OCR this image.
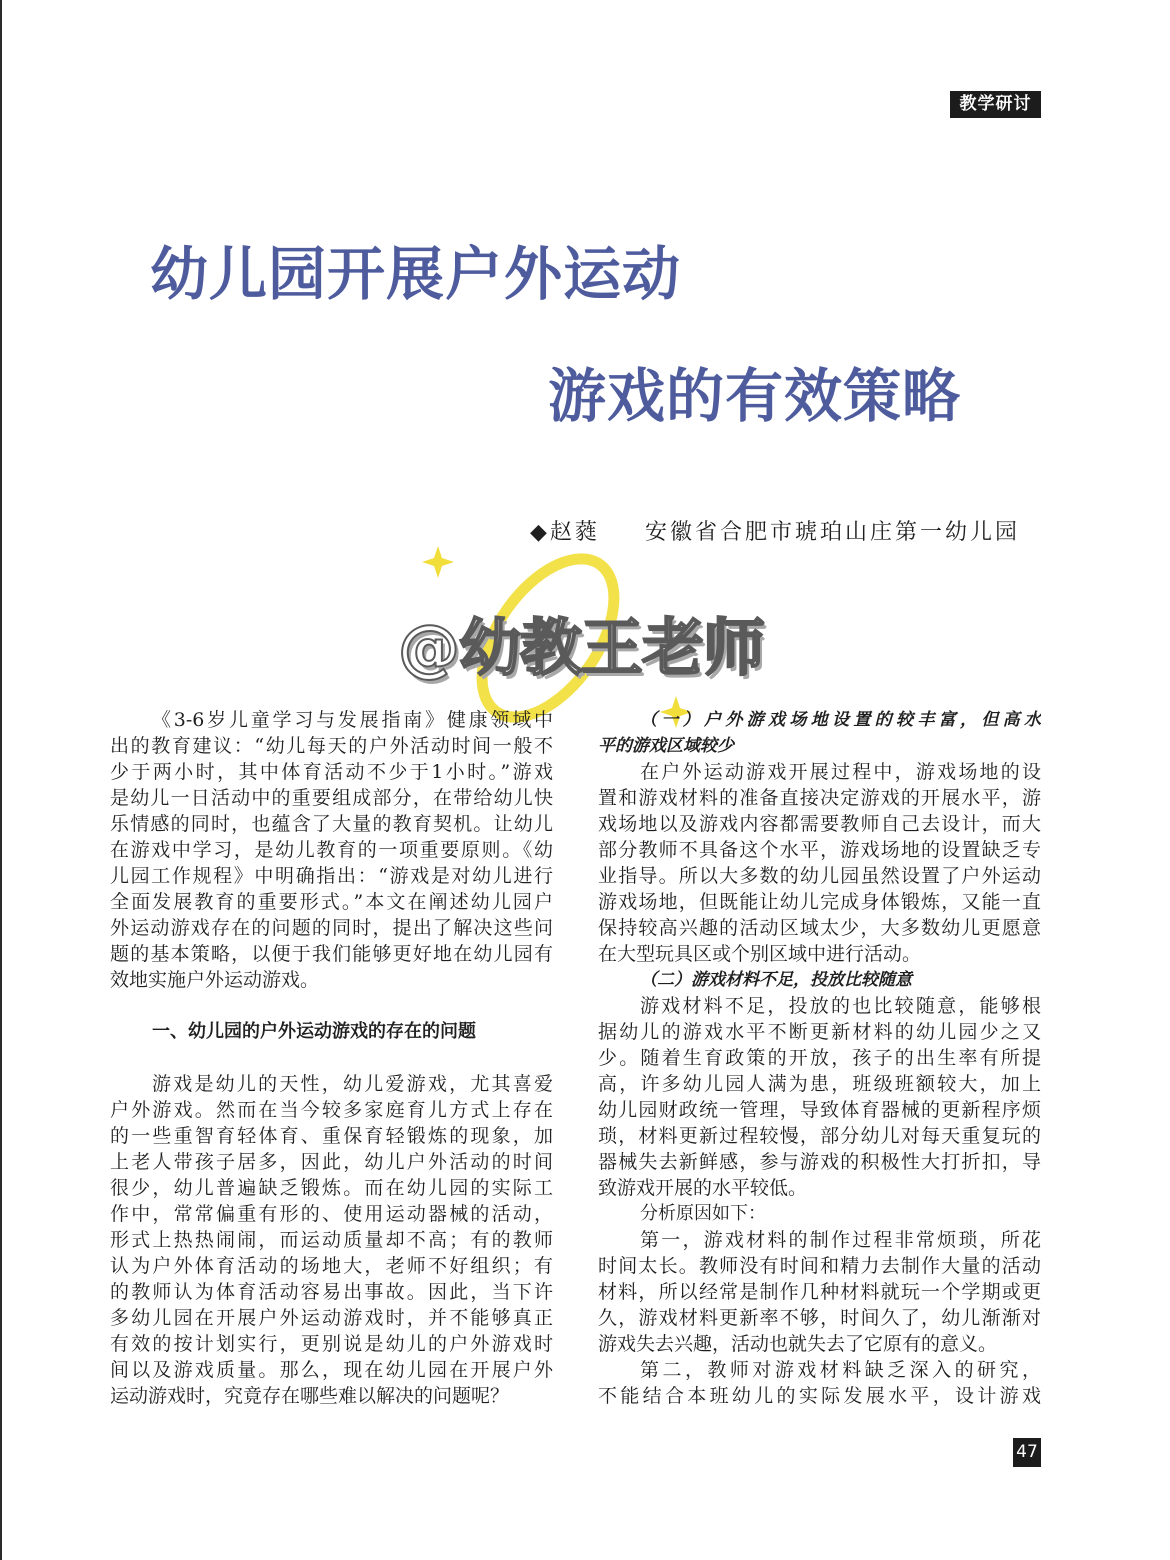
教学研讨
幼儿园开展户外运动
游戏的有效策略
◆赵蕤 安徽省合肥市琥珀山庄第一幼儿园
《3-6岁儿童学习与发展指南》健康领域中
出的教育建议：“幼儿每天的户外活动时间一般不
少于两小时，其中体育活动不少于1小时。”游戏
是幼儿一日活动中的重要组成部分，在带给幼儿快
乐情感的同时，也蕴含了大量的教育契机。让幼儿
在游戏中学习，是幼儿教育的一项重要原则。《幼
儿园工作规程》中明确指出：“游戏是对幼儿进行
全面发展教育的重要形式。”本文在阐述幼儿园户
外运动游戏存在的问题的同时，提出了解决这些问
题的基本策略，以便于我们能够更好地在幼儿园有
效地实施户外运动游戏。
一、幼儿园的户外运动游戏的存在的问题
游戏是幼儿的天性，幼儿爱游戏，尤其喜爱
户外游戏。然而在当今较多家庭育儿方式上存在
的一些重智育轻体育、重保育轻锻炼的现象，加
上老人带孩子居多，因此，幼儿户外活动的时间
很少，幼儿普遍缺乏锻炼。而在幼儿园的实际工
作中，常常偏重有形的、使用运动器械的活动，
形式上热热闹闹，而运动质量却不高；有的教师
认为户外体育活动的场地大，老师不好组织；有
的教师认为体育活动容易出事故。因此，当下许
多幼儿园在开展户外运动游戏时，并不能够真正
有效的按计划实行，更别说是幼儿的户外游戏时
间以及游戏质量。那么，现在幼儿园在开展户外
运动游戏时，究竟存在哪些难以解决的问题呢？
（一）户外游戏场地设置的较丰富，但高水
平的游戏区域较少
在户外运动游戏开展过程中，游戏场地的设
置和游戏材料的准备直接决定游戏的开展水平，游
戏场地以及游戏内容都需要教师自己去设计，而大
部分教师不具备这个水平，游戏场地的设置缺乏专
业指导。所以大多数的幼儿园虽然设置了户外运动
游戏场地，但既能让幼儿完成身体锻炼，又能一直
保持较高兴趣的活动区域太少，大多数幼儿更愿意
在大型玩具区或个别区域中进行活动。
（二）游戏材料不足，投放比较随意
游戏材料不足，投放的也比较随意，能够根
据幼儿的游戏水平不断更新材料的幼儿园少之又
少。随着生育政策的开放，孩子的出生率有所提
高，许多幼儿园人满为患，班级班额较大，加上
幼儿园财政统一管理，导致体育器械的更新程序烦
琐，材料更新过程较慢，部分幼儿对每天重复玩的
器械失去新鲜感，参与游戏的积极性大打折扣，导
致游戏开展的水平较低。
分析原因如下：
第一，游戏材料的制作过程非常烦琐，所花
时间太长。教师没有时间和精力去制作大量的活动
材料，所以经常是制作几种材料就玩一个学期或更
久，游戏材料更新率不够，时间久了，幼儿渐渐对
游戏失去兴趣，活动也就失去了它原有的意义。
第二，教师对游戏材料缺乏深入的研究，
不能结合本班幼儿的实际发展水平，设计游戏
@幼教王老师
47
